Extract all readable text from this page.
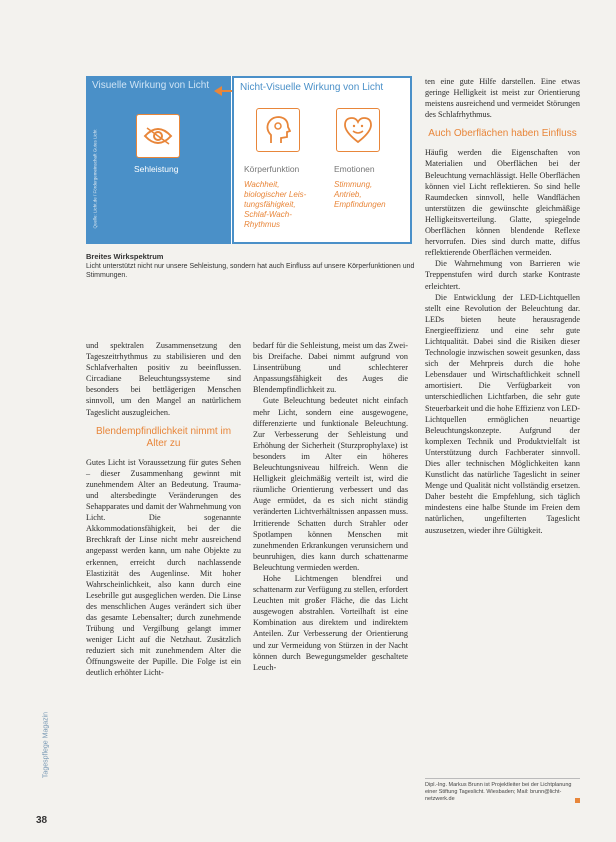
Visuelle Wirkung von Licht
Quelle: Licht.de / Fördergemeinschaft Gutes Licht	Sehleistung
Nicht-Visuelle Wirkung von Licht
Körperfunktion	Emotionen
Wachheit,
biologischer Leis-
tungsfähigkeit,
Schlaf-Wach-
Rhythmus
Stimmung,
Antrieb,
Empfindungen
Breites Wirkspektrum
Licht unterstützt nicht nur unsere Sehleistung, sondern hat auch Einfluss auf unsere Körperfunktionen und Stimmungen.

und spektralen Zusammensetzung den Tageszeitrhythmus zu stabilisieren und den Schlafverhalten positiv zu beeinflussen. Circadiane Beleuchtungssysteme sind besonders bei bettlägerigen Menschen sinnvoll, um den Mangel an natürlichem Tageslicht auszugleichen.

Blendempfindlichkeit nimmt im Alter zu

Gutes Licht ist Voraussetzung für gutes Sehen – dieser Zusammenhang gewinnt mit zunehmendem Alter an Bedeutung. Trauma- und altersbedingte Veränderungen des Sehapparates und damit der Wahrnehmung von Licht. Die sogenannte Akkommodationsfähigkeit, bei der die Brechkraft der Linse nicht mehr ausreichend angepasst werden kann, um nahe Objekte zu erkennen, erreicht durch nachlassende Elastizität des Augenlinse. Mit hoher Wahrscheinlichkeit, also kann durch eine Lesebrille gut ausgeglichen werden. Die Linse des menschlichen Auges verändert sich über das gesamte Lebensalter; durch zunehmende Trübung und Vergilbung gelangt immer weniger Licht auf die Netzhaut. Zusätzlich reduziert sich mit zunehmendem Alter die Öffnungsweite der Pupille. Die Folge ist ein deutlich erhöhter Licht-

bedarf für die Sehleistung, meist um das Zwei- bis Dreifache. Dabei nimmt aufgrund von Linsentrübung und schlechterer Anpassungsfähigkeit des Auges die Blendempfindlichkeit zu.

Gute Beleuchtung bedeutet nicht einfach mehr Licht, sondern eine ausgewogene, differenzierte und funktionale Beleuchtung. Zur Verbesserung der Sehleistung und Erhöhung der Sicherheit (Sturzprophylaxe) ist besonders im Alter ein höheres Beleuchtungsniveau hilfreich. Wenn die Helligkeit gleichmäßig verteilt ist, wird die räumliche Orientierung verbessert und das Auge ermüdet, da es sich nicht ständig veränderten Lichtverhältnissen anpassen muss. Irritierende Schatten durch Strahler oder Spotlampen können Menschen mit zunehmenden Erkrankungen verunsichern und beunruhigen, dies kann durch schattenarme Beleuchtung vermieden werden.

Hohe Lichtmengen blendfrei und schattenarm zur Verfügung zu stellen, erfordert Leuchten mit großer Fläche, die das Licht ausgewogen abstrahlen. Vorteilhaft ist eine Kombination aus direktem und indirektem Anteilen. Zur Verbesserung der Orientierung und zur Vermeidung von Stürzen in der Nacht können durch Bewegungsmelder geschaltete Leuch-

ten eine gute Hilfe darstellen. Eine etwas geringe Helligkeit ist meist zur Orientierung meistens ausreichend und vermeidet Störungen des Schlafrhythmus.

Auch Oberflächen haben Einfluss

Häufig werden die Eigenschaften von Materialien und Oberflächen bei der Beleuchtung vernachlässigt. Helle Oberflächen können viel Licht reflektieren. So sind helle Raumdecken sinnvoll, helle Wandflächen unterstützen die gewünschte gleichmäßige Helligkeitsverteilung. Glatte, spiegelnde Oberflächen können blendende Reflexe hervorrufen. Dies sind durch matte, diffus reflektierende Oberflächen vermeiden.

Die Wahrnehmung von Barrieren wie Treppenstufen wird durch starke Kontraste erleichtert.

Die Entwicklung der LED-Lichtquellen stellt eine Revolution der Beleuchtung dar. LEDs bieten heute herausragende Energieeffizienz und eine sehr gute Lichtqualität. Dabei sind die Risiken dieser Technologie inzwischen soweit gesunken, dass sich der Mehrpreis durch die hohe Lebensdauer und Wirtschaftlichkeit schnell amortisiert. Die Verfügbarkeit von unterschiedlichen Lichtfarben, die sehr gute Steuerbarkeit und die hohe Effizienz von LED-Lichtquellen ermöglichen neuartige Beleuchtungskonzepte. Aufgrund der komplexen Technik und Produktvielfalt ist Unterstützung durch Fachberater sinnvoll. Dies aller technischen Möglichkeiten kann Kunstlicht das natürliche Tageslicht in seiner Menge und Qualität nicht vollständig ersetzen. Daher besteht die Empfehlung, sich täglich mindestens eine halbe Stunde im Freien dem natürlichen, ungefilterten Tageslicht auszusetzen, wieder ihre Gültigkeit.

Dipl.-Ing. Markus Brunn ist Projektleiter bei der Lichtplanung einer Stiftung Tageslicht. Wiesbaden; Mail: brunn@licht-netzwerk.de
Tagespflege Magazin
38
